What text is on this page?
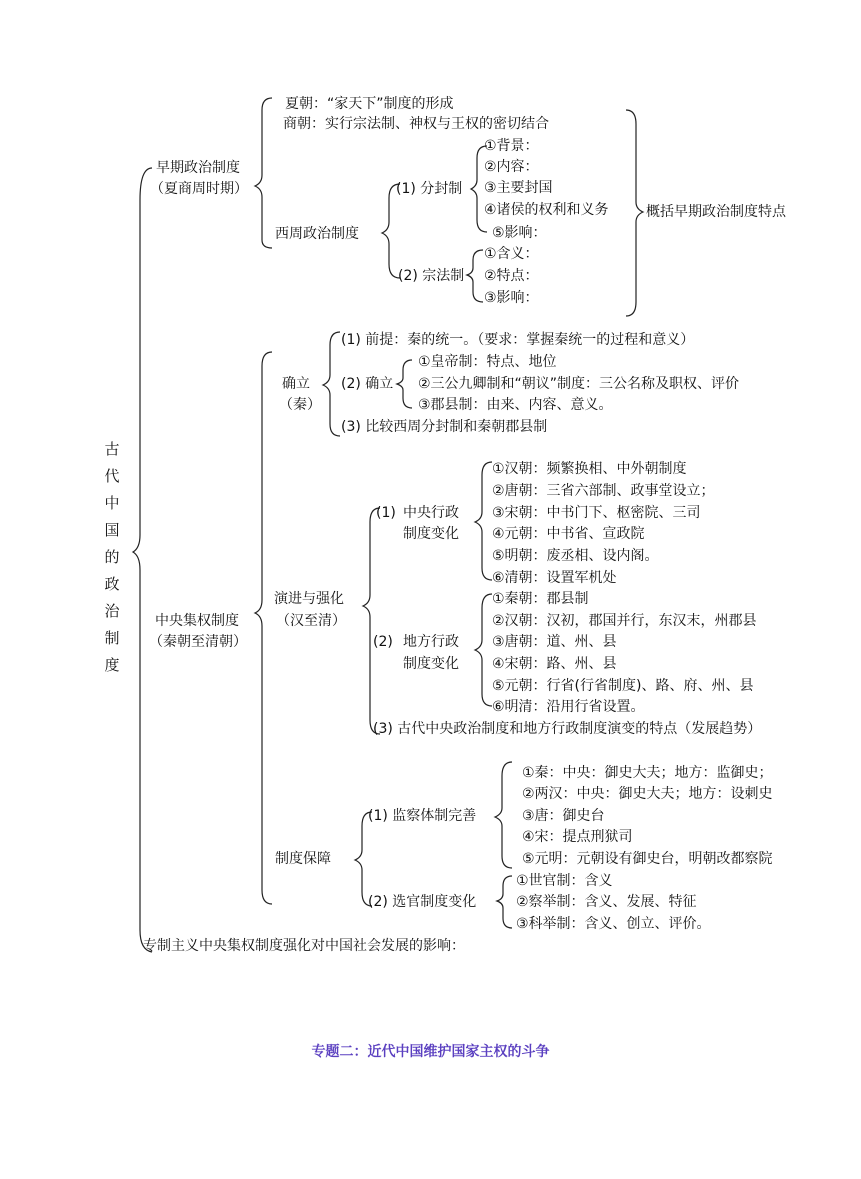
古代中国的政治制度
早期政治制度
（夏商周时期）
夏朝：“家天下”制度的形成
商朝：实行宗法制、神权与王权的密切结合
西周政治制度
(1) 分封制
①背景：
②内容：
③主要封国
④诸侯的权利和义务
⑤影响：
(2) 宗法制
①含义：
②特点：
③影响：
概括早期政治制度特点
中央集权制度
（秦朝至清朝）
确立
（秦）
(1) 前提：秦的统一。（要求：掌握秦统一的过程和意义）
(2) 确立
①皇帝制：特点、地位
②三公九卿制和“朝议”制度：三公名称及职权、评价
③郡县制：由来、内容、意义。
(3) 比较西周分封制和秦朝郡县制
演进与强化
（汉至清）
(1) 中央行政
制度变化
①汉朝：频繁换相、中外朝制度
②唐朝：三省六部制、政事堂设立；
③宋朝：中书门下、枢密院、三司
④元朝：中书省、宣政院
⑤明朝：废丞相、设内阁。
⑥清朝：设置军机处
(2) 地方行政
制度变化
①秦朝：郡县制
②汉朝：汉初，郡国并行，东汉末，州郡县
③唐朝：道、州、县
④宋朝：路、州、县
⑤元朝：行省(行省制度)、路、府、州、县
⑥明清：沿用行省设置。
(3) 古代中央政治制度和地方行政制度演变的特点（发展趋势）
制度保障
(1) 监察体制完善
①秦：中央：御史大夫；地方：监御史；
②两汉：中央：御史大夫；地方：设刺史
③唐：御史台
④宋：提点刑狱司
⑤元明：元朝设有御史台，明朝改都察院
(2) 选官制度变化
①世官制：含义
②察举制：含义、发展、特征
③科举制：含义、创立、评价。
专制主义中央集权制度强化对中国社会发展的影响：
专题二：近代中国维护国家主权的斗争
